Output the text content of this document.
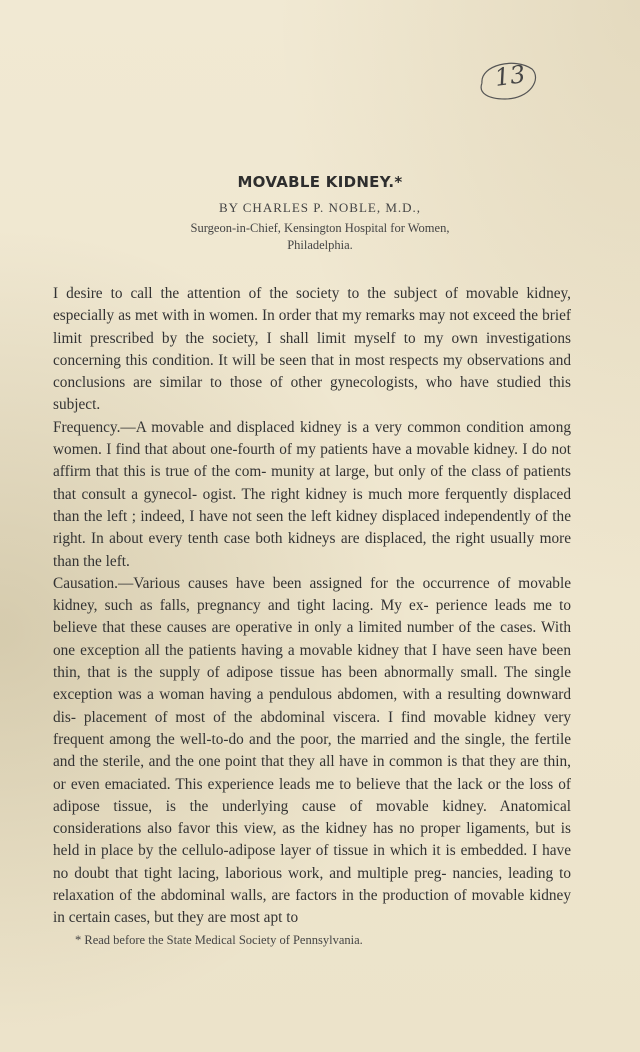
13
MOVABLE KIDNEY.*
BY CHARLES P. NOBLE, M.D.,
Surgeon-in-Chief, Kensington Hospital for Women,
Philadelphia.

I desire to call the attention of the society to the subject of movable kidney, especially as met with in women. In order that my remarks may not exceed the brief limit prescribed by the society, I shall limit myself to my own investigations concerning this condition. It will be seen that in most respects my observations and conclusions are similar to those of other gynecologists, who have studied this subject.

Frequency.—A movable and displaced kidney is a very common condition among women. I find that about one-fourth of my patients have a movable kidney. I do not affirm that this is true of the com- munity at large, but only of the class of patients that consult a gynecol- ogist. The right kidney is much more ferquently displaced than the left ; indeed, I have not seen the left kidney displaced independently of the right. In about every tenth case both kidneys are displaced, the right usually more than the left.

Causation.—Various causes have been assigned for the occurrence of movable kidney, such as falls, pregnancy and tight lacing. My ex- perience leads me to believe that these causes are operative in only a limited number of the cases. With one exception all the patients having a movable kidney that I have seen have been thin, that is the supply of adipose tissue has been abnormally small. The single exception was a woman having a pendulous abdomen, with a resulting downward dis- placement of most of the abdominal viscera. I find movable kidney very frequent among the well-to-do and the poor, the married and the single, the fertile and the sterile, and the one point that they all have in common is that they are thin, or even emaciated. This experience leads me to believe that the lack or the loss of adipose tissue, is the underlying cause of movable kidney. Anatomical considerations also favor this view, as the kidney has no proper ligaments, but is held in place by the cellulo-adipose layer of tissue in which it is embedded. I have no doubt that tight lacing, laborious work, and multiple preg- nancies, leading to relaxation of the abdominal walls, are factors in the production of movable kidney in certain cases, but they are most apt to

* Read before the State Medical Society of Pennsylvania.
